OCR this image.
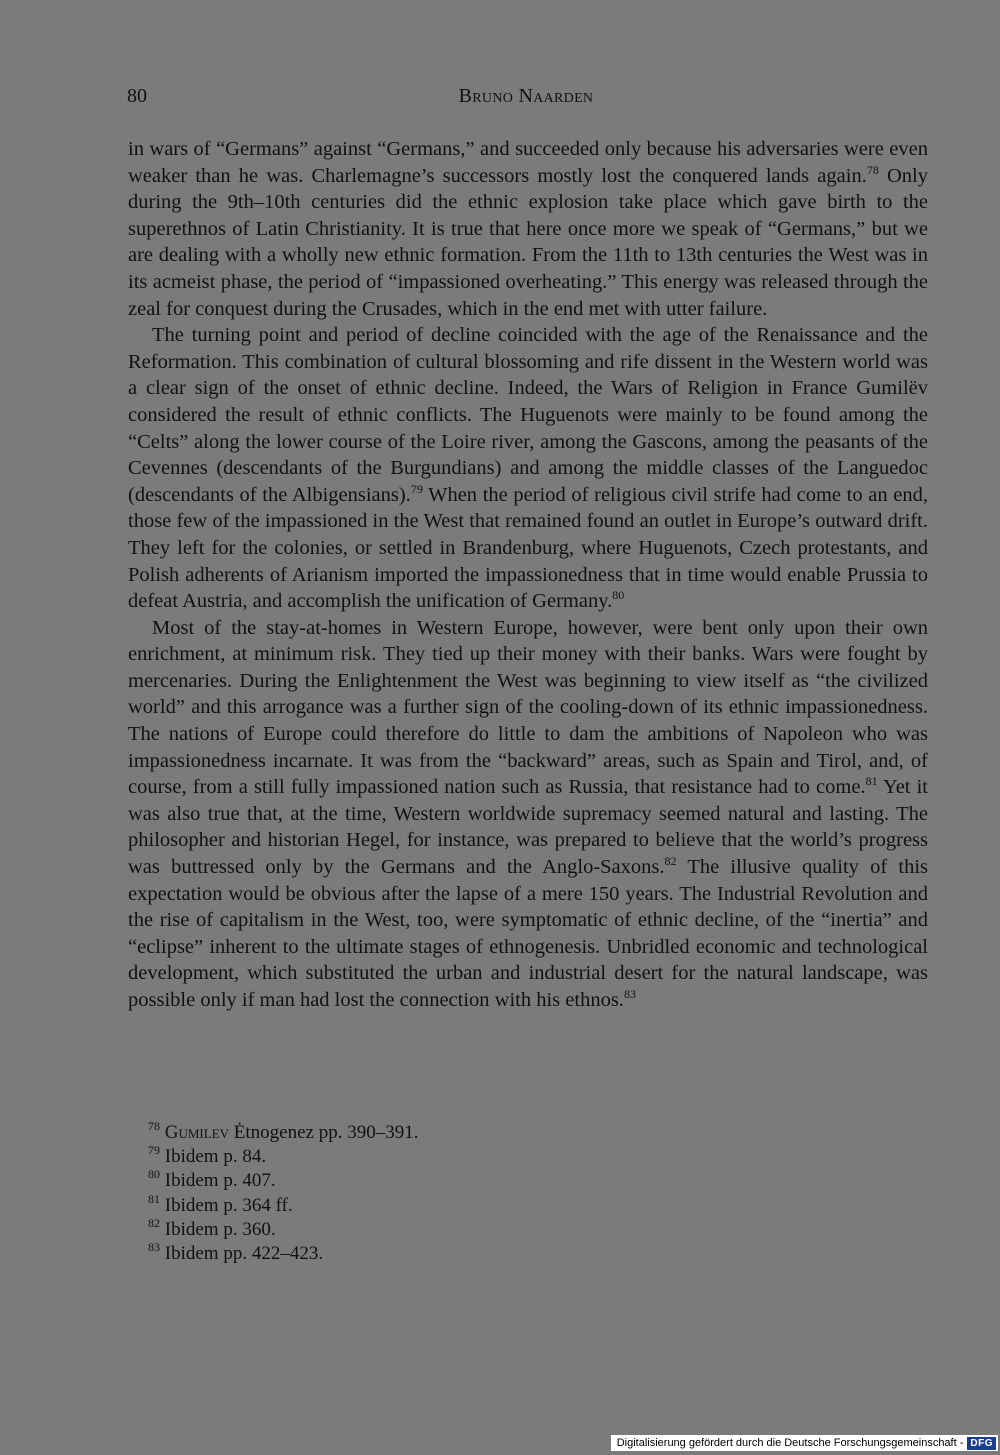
80	Bruno Naarden

in wars of “Germans” against “Germans,” and succeeded only because his adversaries were even weaker than he was. Charlemagne’s successors mostly lost the conquered lands again.$^{78}$ Only during the 9th–10th centuries did the ethnic explosion take place which gave birth to the superethnos of Latin Christianity. It is true that here once more we speak of “Germans,” but we are dealing with a wholly new ethnic formation. From the 11th to 13th centuries the West was in its acmeist phase, the period of “impassioned overheating.” This energy was released through the zeal for conquest during the Crusades, which in the end met with utter failure.

The turning point and period of decline coincided with the age of the Renaissance and the Reformation. This combination of cultural blossoming and rife dissent in the Western world was a clear sign of the onset of ethnic decline. Indeed, the Wars of Religion in France Gumilëv considered the result of ethnic conflicts. The Huguenots were mainly to be found among the “Celts” along the lower course of the Loire river, among the Gascons, among the peasants of the Cevennes (descendants of the Burgundians) and among the middle classes of the Languedoc (descendants of the Albigensians).$^{79}$ When the period of religious civil strife had come to an end, those few of the impassioned in the West that remained found an outlet in Europe’s outward drift. They left for the colonies, or settled in Brandenburg, where Huguenots, Czech protestants, and Polish adherents of Arianism imported the impassionedness that in time would enable Prussia to defeat Austria, and accomplish the unification of Germany.$^{80}$

Most of the stay-at-homes in Western Europe, however, were bent only upon their own enrichment, at minimum risk. They tied up their money with their banks. Wars were fought by mercenaries. During the Enlightenment the West was beginning to view itself as “the civilized world” and this arrogance was a further sign of the cooling-down of its ethnic impassionedness. The nations of Europe could therefore do little to dam the ambitions of Napoleon who was impassionedness incarnate. It was from the “backward” areas, such as Spain and Tirol, and, of course, from a still fully impassioned nation such as Russia, that resistance had to come.$^{81}$ Yet it was also true that, at the time, Western worldwide supremacy seemed natural and lasting. The philosopher and historian Hegel, for instance, was prepared to believe that the world’s progress was buttressed only by the Germans and the Anglo-Saxons.$^{82}$ The illusive quality of this expectation would be obvious after the lapse of a mere 150 years. The Industrial Revolution and the rise of capitalism in the West, too, were symptomatic of ethnic decline, of the “inertia” and “eclipse” inherent to the ultimate stages of ethnogenesis. Unbridled economic and technological development, which substituted the urban and industrial desert for the natural landscape, was possible only if man had lost the connection with his ethnos.$^{83}$

$^{78}$ Gumilev Ėtnogenez pp. 390–391.
$^{79}$ Ibidem p. 84.
$^{80}$ Ibidem p. 407.
$^{81}$ Ibidem p. 364 ff.
$^{82}$ Ibidem p. 360.
$^{83}$ Ibidem pp. 422–423.
Digitalisierung gefördert durch die Deutsche Forschungsgemeinschaft - DFG
